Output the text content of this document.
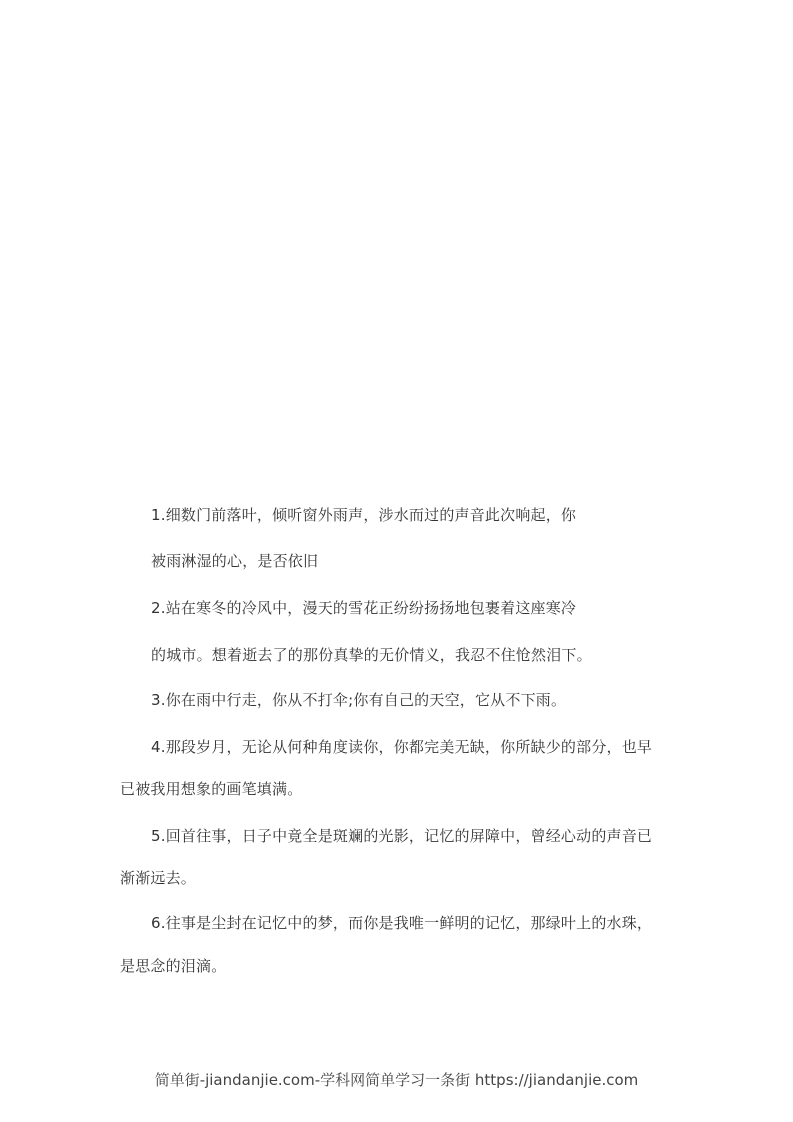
1.细数门前落叶，倾听窗外雨声，涉水而过的声音此次响起，你
被雨淋湿的心，是否依旧
2.站在寒冬的冷风中，漫天的雪花正纷纷扬扬地包裹着这座寒冷
的城市。想着逝去了的那份真挚的无价情义，我忍不住怆然泪下。
3.你在雨中行走，你从不打伞;你有自己的天空，它从不下雨。
4.那段岁月，无论从何种角度读你，你都完美无缺，你所缺少的部分，也早
已被我用想象的画笔填满。
5.回首往事，日子中竟全是斑斓的光影，记忆的屏障中，曾经心动的声音已
渐渐远去。
6.往事是尘封在记忆中的梦，而你是我唯一鲜明的记忆，那绿叶上的水珠，
是思念的泪滴。
简单街-jiandanjie.com-学科网简单学习一条街 https://jiandanjie.com
